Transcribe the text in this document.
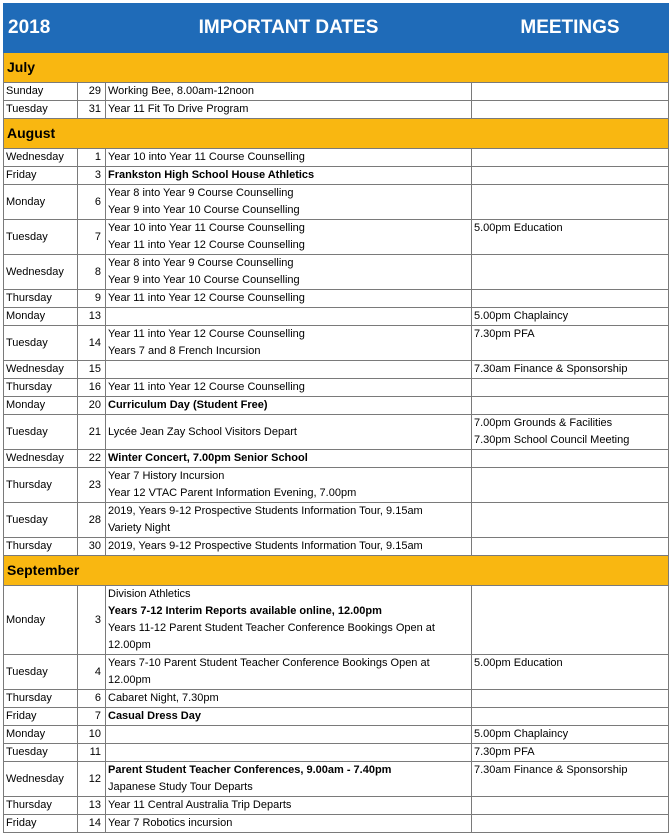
2018		IMPORTANT DATES	MEETINGS
July			
Sunday	29	Working Bee, 8.00am-12noon	

Tuesday	31	Year 11 Fit To Drive Program	

August			
Wednesday	1	Year 10 into Year 11 Course Counselling	

Friday	3	Frankston High School House Athletics	

Monday	6	Year 8 into Year 9 Course Counselling
Year 9 into Year 10 Course Counselling	

Tuesday	7	Year 10 into Year 11 Course Counselling
Year 11 into Year 12 Course Counselling	5.00pm Education

Wednesday	8	Year 8 into Year 9 Course Counselling
Year 9 into Year 10 Course Counselling	

Thursday	9	Year 11 into Year 12 Course Counselling	

Monday	13		5.00pm Chaplaincy

Tuesday	14	Year 11 into Year 12 Course Counselling
Years 7 and 8 French Incursion	7.30pm PFA

Wednesday	15		7.30am Finance & Sponsorship

Thursday	16	Year 11 into Year 12 Course Counselling	

Monday	20	Curriculum Day (Student Free)	

Tuesday	21	Lycée Jean Zay School Visitors Depart	7.00pm Grounds & Facilities
7.30pm School Council Meeting

Wednesday	22	Winter Concert, 7.00pm Senior School	

Thursday	23	Year 7 History Incursion
Year 12 VTAC Parent Information Evening, 7.00pm	

Tuesday	28	2019, Years 9-12 Prospective Students Information Tour, 9.15am
Variety Night	

Thursday	30	2019, Years 9-12 Prospective Students Information Tour, 9.15am	

September			
Monday	3	Division Athletics
Years 7-12 Interim Reports available online, 12.00pm
Years 11-12 Parent Student Teacher Conference Bookings Open at 12.00pm	

Tuesday	4	Years 7-10 Parent Student Teacher Conference Bookings Open at 12.00pm	5.00pm Education

Thursday	6	Cabaret Night, 7.30pm	

Friday	7	Casual Dress Day	

Monday	10		5.00pm Chaplaincy

Tuesday	11		7.30pm PFA

Wednesday	12	Parent Student Teacher Conferences, 9.00am - 7.40pm
Japanese Study Tour Departs	7.30am Finance & Sponsorship

Thursday	13	Year 11 Central Australia Trip Departs	

Friday	14	Year 7 Robotics incursion	
